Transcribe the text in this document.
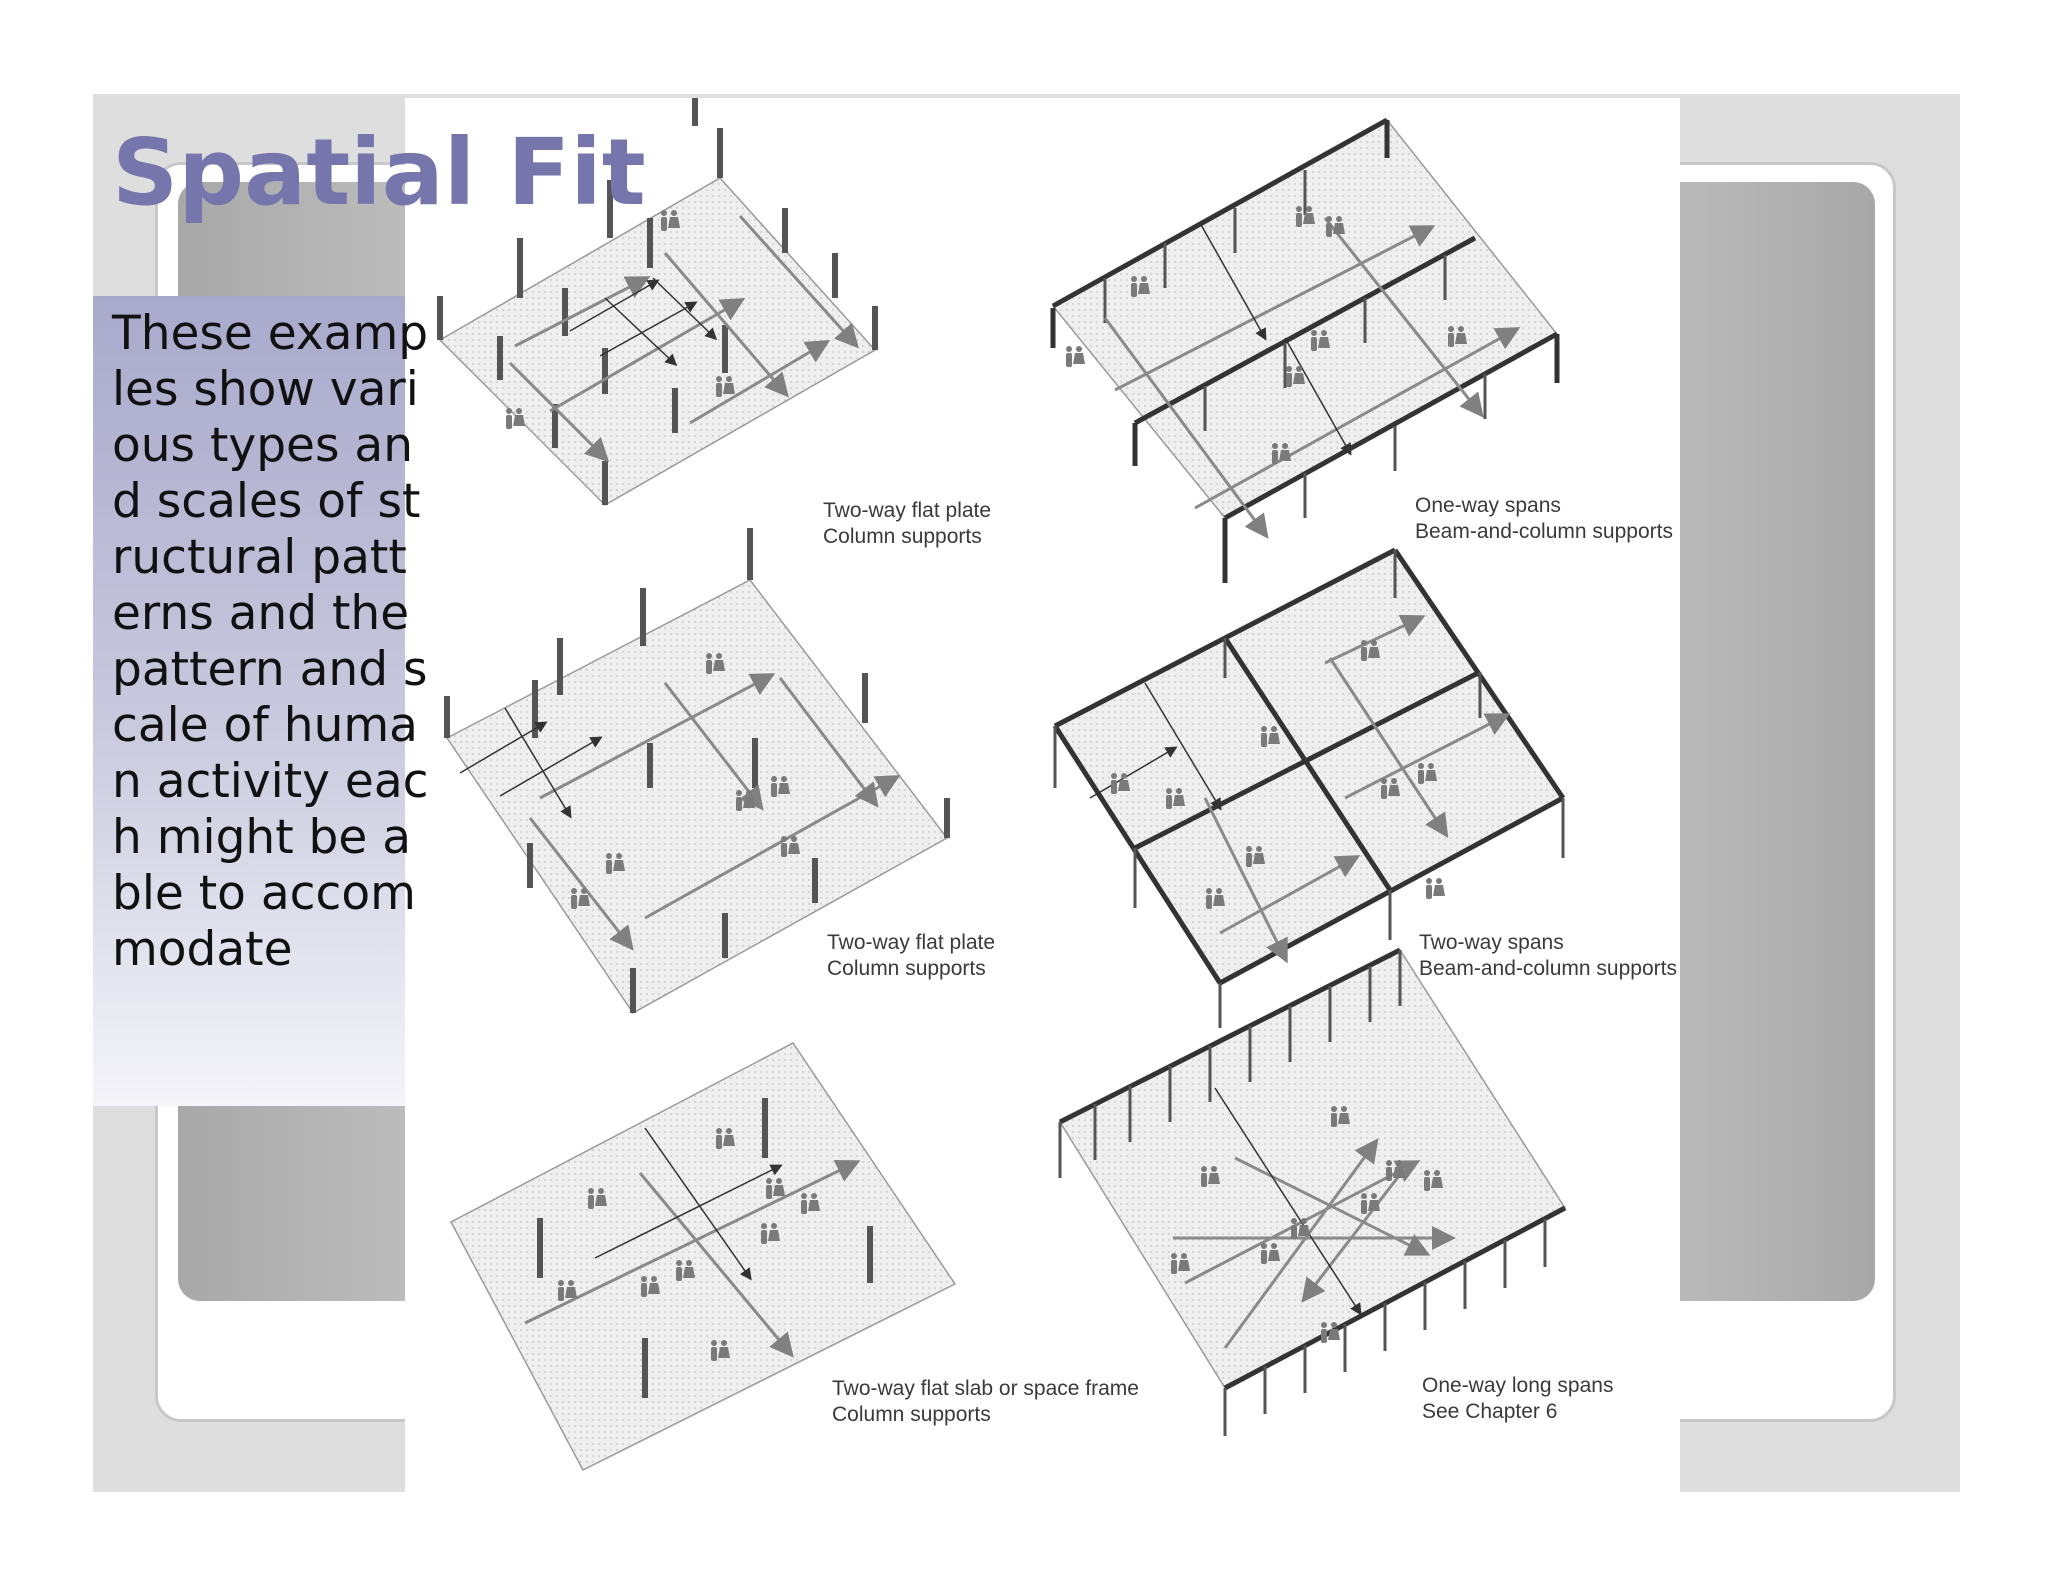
Two-way flat plate
Column supports
One-way spans
Beam-and-column supports
Two-way flat plate
Column supports
Two-way spans
Beam-and-column supports
Two-way flat slab or space frame
Column supports
One-way long spans
See Chapter 6
Spatial Fit

These examples show various types and scales of structural patterns and the pattern and scale of human activity each might be able to accommodate
